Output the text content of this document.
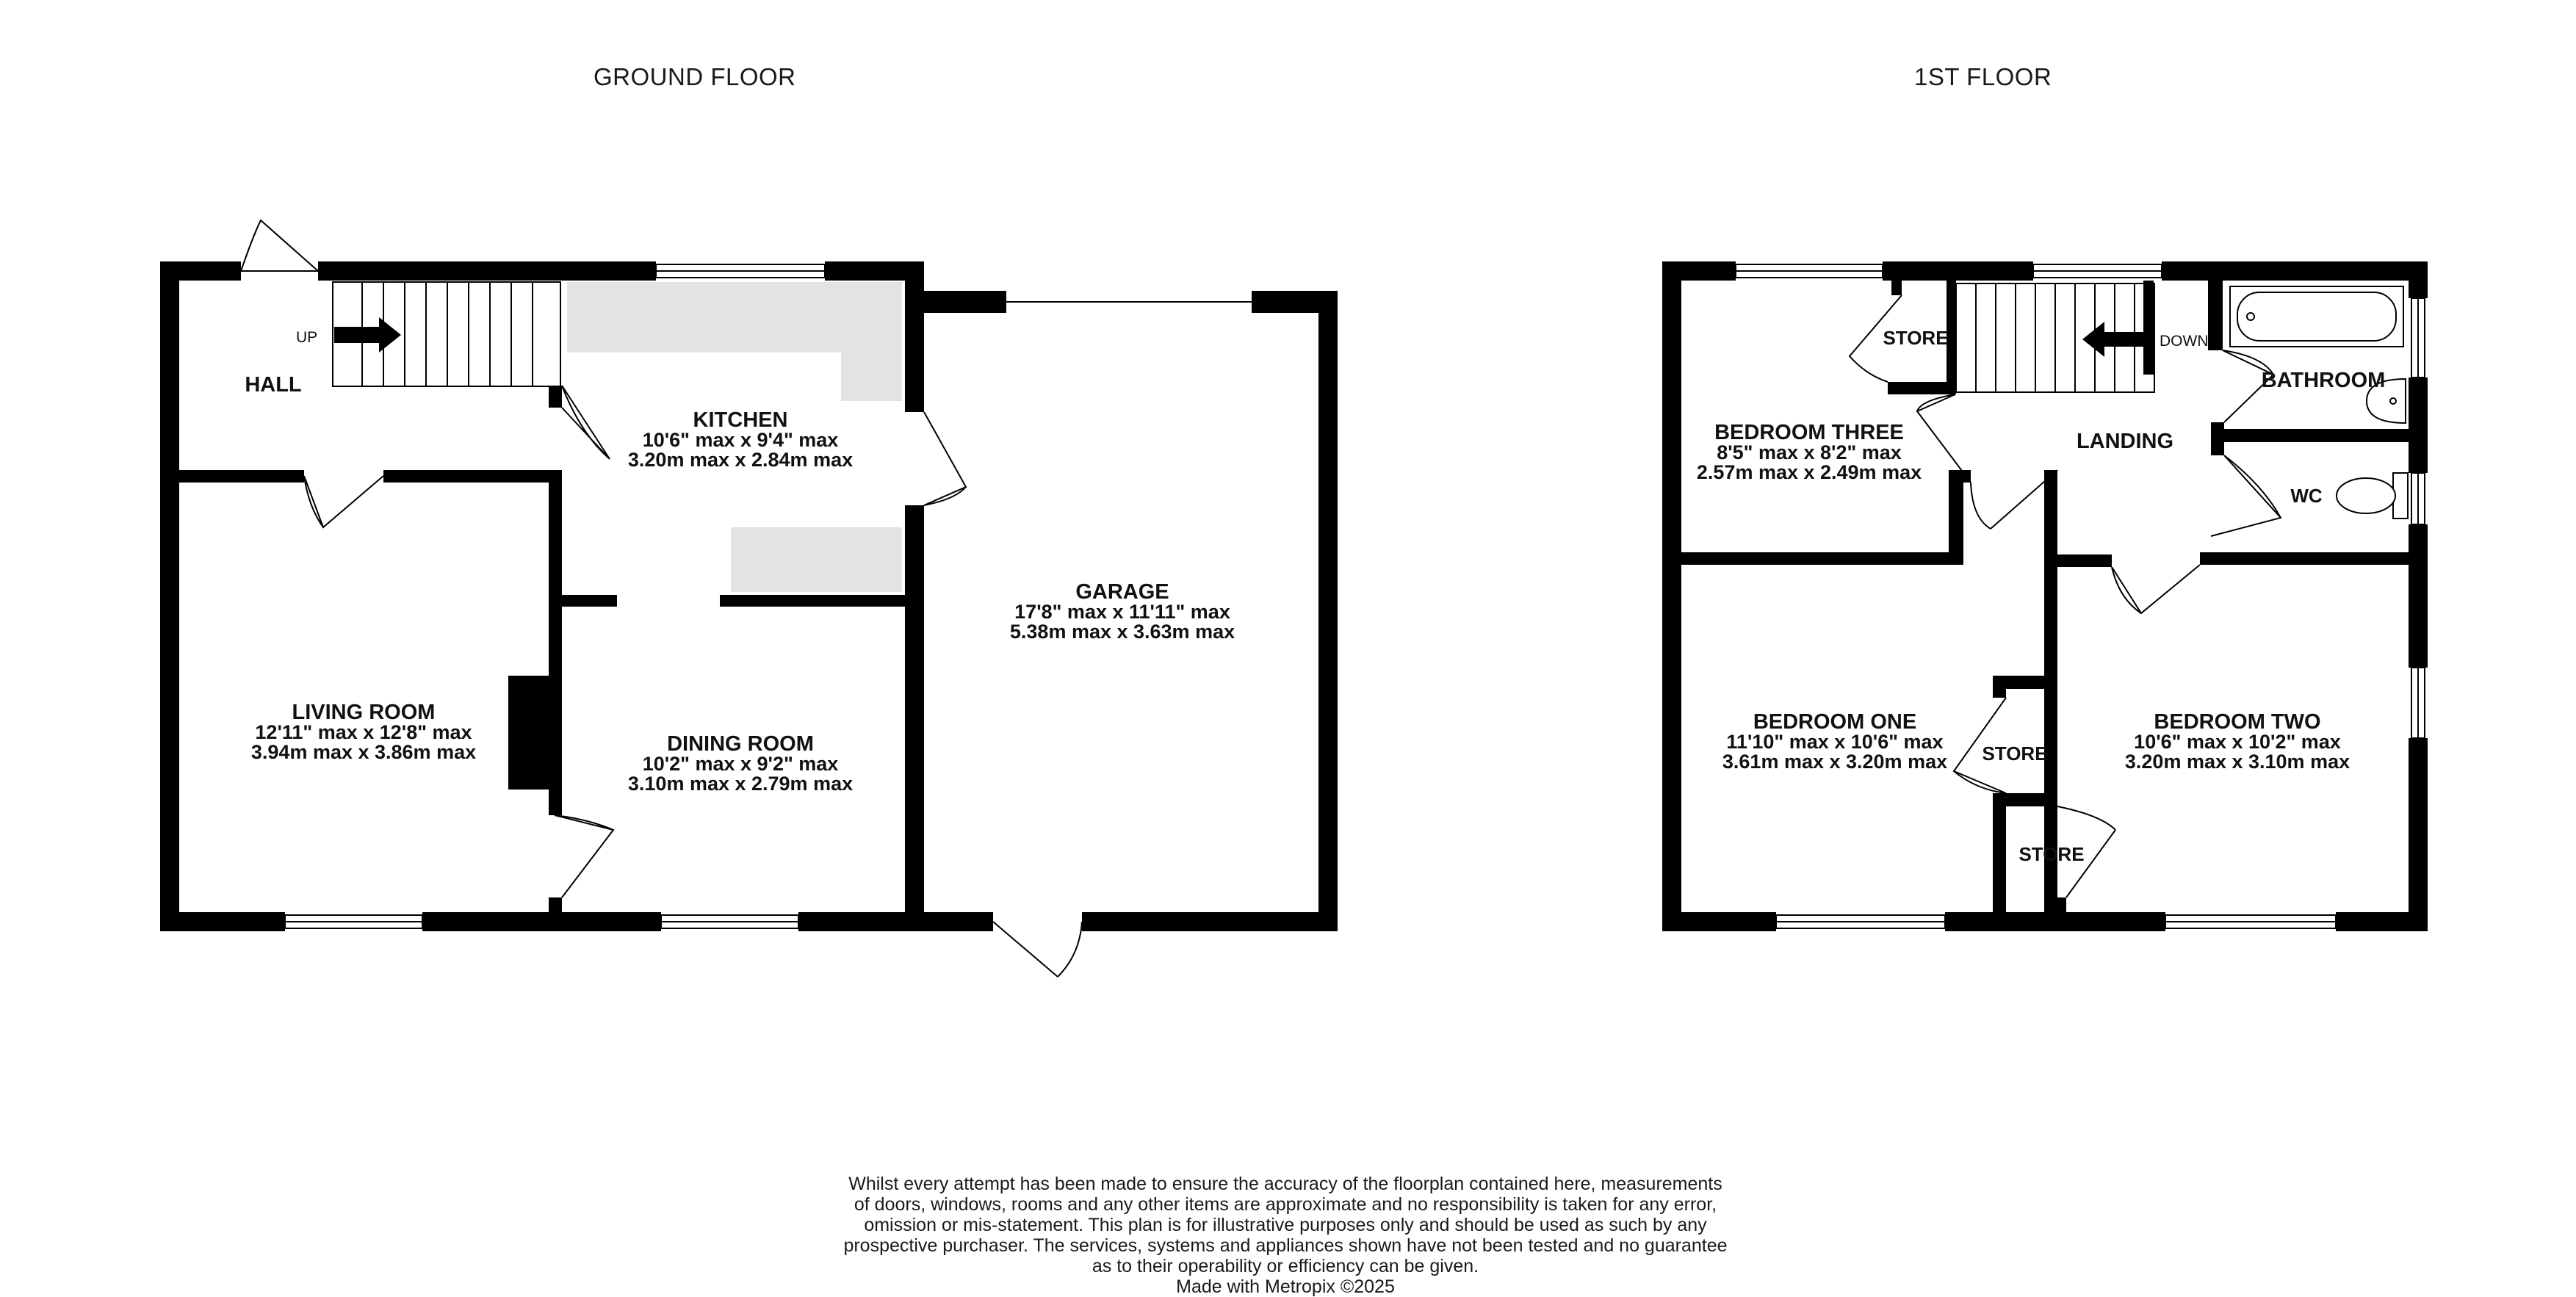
GROUND FLOOR	1ST FLOOR
UP
HALL
KITCHEN
10'6" max x 9'4" max
3.20m max x 2.84m max
LIVING ROOM
12'11" max x 12'8" max
3.94m max x 3.86m max	DINING ROOM
10'2" max x 9'2" max
3.10m max x 2.79m max
GARAGE
17'8" max x 11'11" max
5.38m max x 3.63m max
DOWN
BEDROOM THREE
8'5" max x 8'2" max
2.57m max x 2.49m max
STORE
LANDING
BATHROOM
WC
BEDROOM ONE
11'10" max x 10'6" max
3.61m max x 3.20m max STORE
STORE
BEDROOM TWO
10'6" max x 10'2" max
3.20m max x 3.10m max
Whilst every attempt has been made to ensure the accuracy of the floorplan contained here, measurements
of doors, windows, rooms and any other items are approximate and no responsibility is taken for any error,
omission or mis-statement. This plan is for illustrative purposes only and should be used as such by any
prospective purchaser. The services, systems and appliances shown have not been tested and no guarantee
as to their operability or efficiency can be given.
Made with Metropix ©2025
